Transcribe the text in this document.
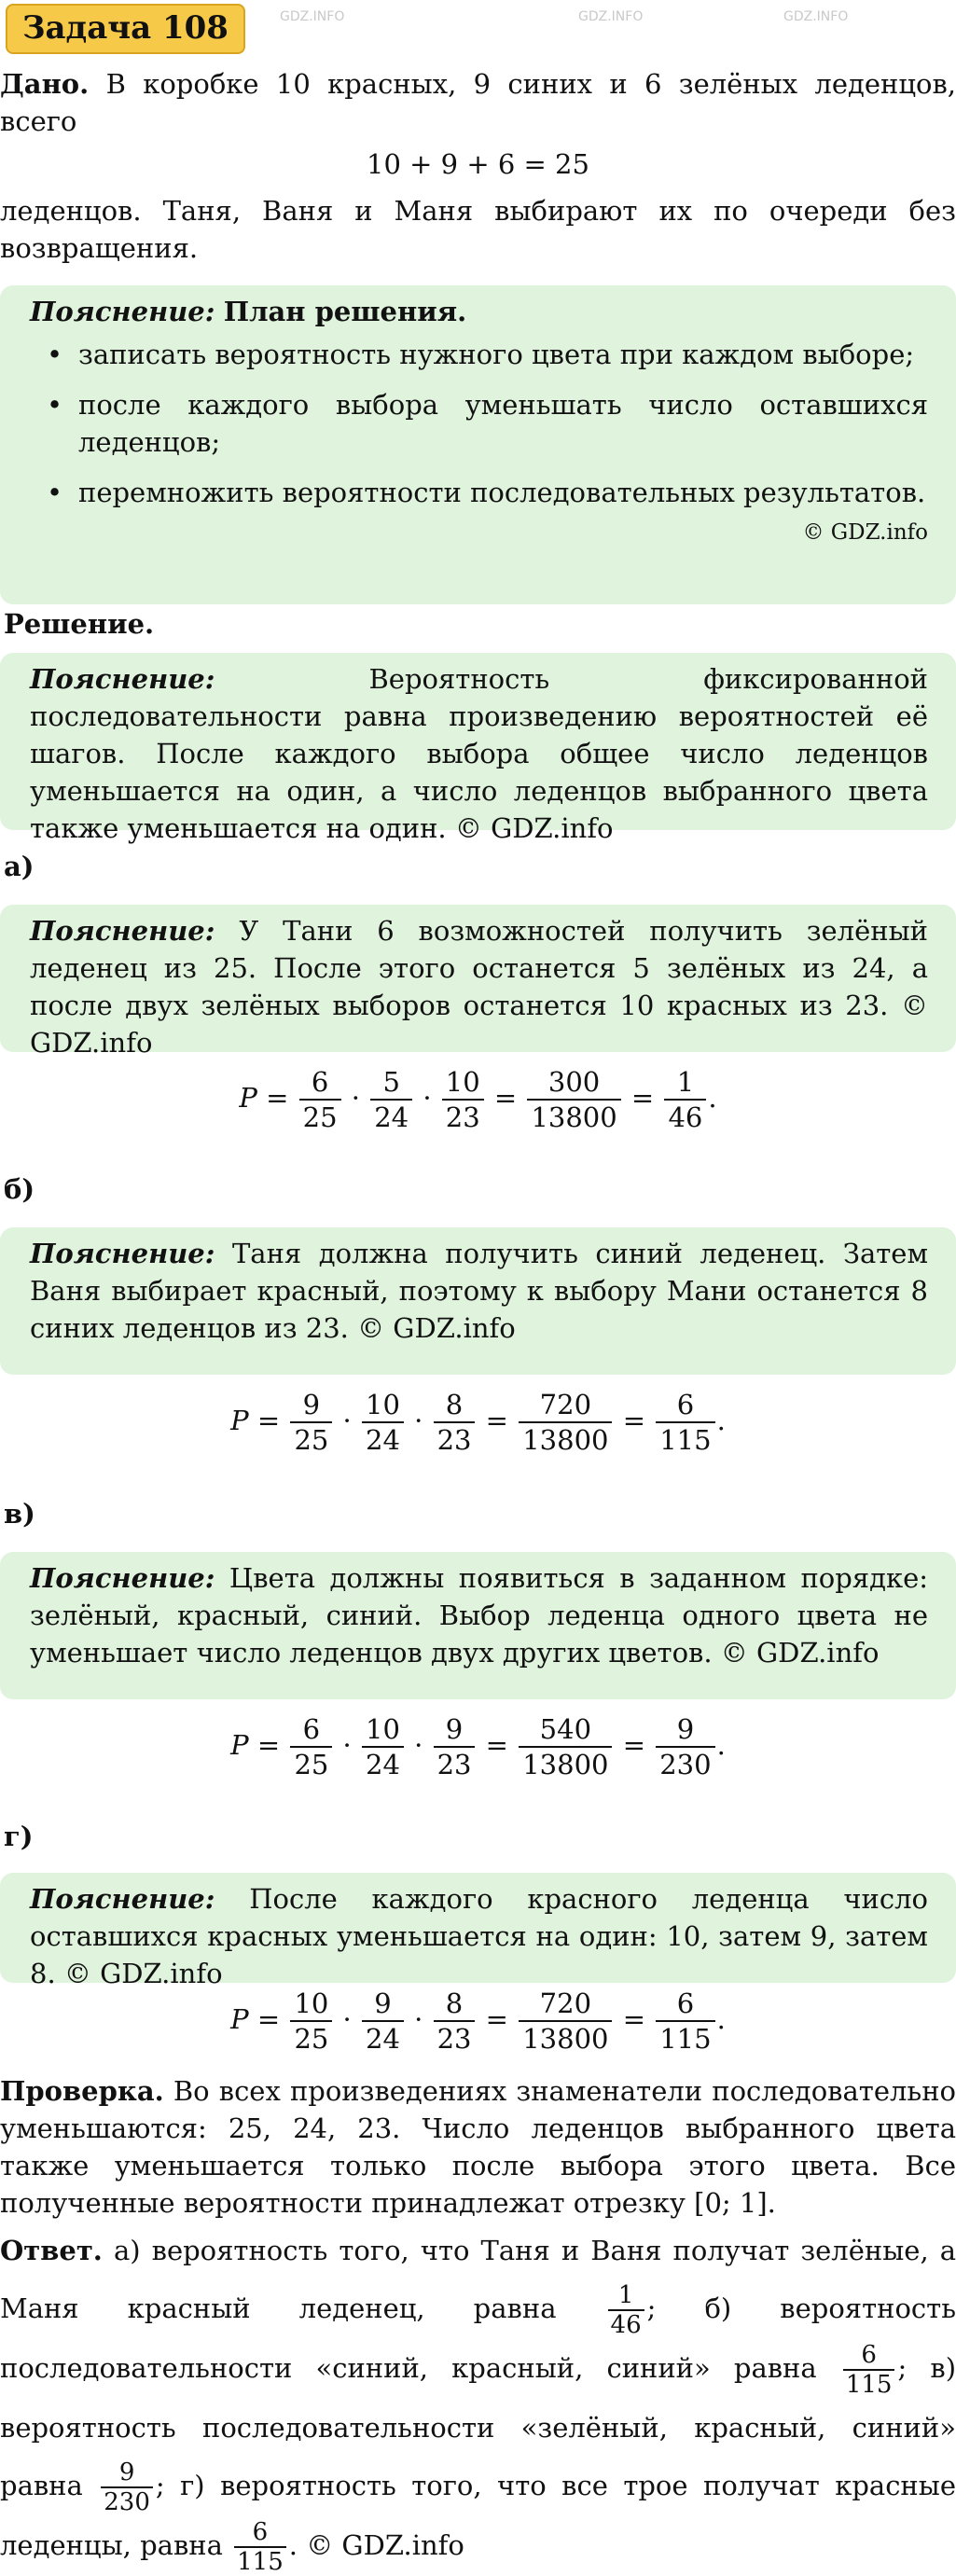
Задача 108

Дано. В коробке 10 красных, 9 синих и 6 зелёных леденцов, всего

10 + 9 + 6 = 25

леденцов. Таня, Ваня и Маня выбирают их по очереди без возвращения.

Пояснение: План решения.

• записать вероятность нужного цвета при каждом выборе;
• после каждого выбора уменьшать число оставшихся леденцов;
• перемножить вероятности последовательных результатов.
© GDZ.info
Решение.

Пояснение:	Вероятность фиксированной последовательности равна произведению вероятностей её шагов. После каждого выбора общее число леденцов уменьшается на один, а число леденцов выбранного цвета также уменьшается на один. © GDZ.info

а)

Пояснение: У Тани 6 возможностей получить зелёный леденец из 25. После этого останется 5 зелёных из 24, а после двух зелёных выборов останется 10 красных из 23. © GDZ.info

$P = \frac{6}{25} \cdot \frac{5}{24} \cdot \frac{10}{23} = \frac{300}{13800} = \frac{1}{46}$ .
б)

Пояснение: Таня должна получить синий леденец. Затем Ваня выбирает красный, поэтому к выбору Мани останется 8 синих леденцов из 23. © GDZ.info

$P = \frac{9}{25} \cdot \frac{10}{24} \cdot \frac{8}{23} = \frac{720}{13800} = \frac{6}{115}$ .
в)

Пояснение: Цвета должны появиться в заданном порядке: зелёный, красный, синий. Выбор леденца одного цвета не уменьшает число леденцов двух других цветов. © GDZ.info

$P = \frac{6}{25} \cdot \frac{10}{24} \cdot \frac{9}{23} = \frac{540}{13800} = \frac{9}{230}$ .
г)

Пояснение: После каждого красного леденца число оставшихся красных уменьшается на один: 10, затем 9, затем 8. © GDZ.info

$P = \frac{10}{25} \cdot \frac{9}{24} \cdot \frac{8}{23} = \frac{720}{13800} = \frac{6}{115}$ .

Проверка. Во всех произведениях знаменатели последовательно уменьшаются: 25, 24, 23. Число леденцов выбранного цвета также уменьшается только после выбора этого цвета. Все полученные вероятности принадлежат отрезку [0; 1].

Ответ. а) вероятность того, что Таня и Ваня получат зелёные, а Маня красный леденец, равна $\frac{1}{46}$ ; б) вероятность последовательности «синий, красный, синий» равна $\frac{6}{115}$ ; в) вероятность последовательности «зелёный, красный, синий» равна $\frac{9}{230}$ ; г) вероятность того, что все трое получат красные леденцы, равна $\frac{6}{115}$ . © GDZ.info

GDZ.INFO	GDZ.INFO	GDZ.INFO
